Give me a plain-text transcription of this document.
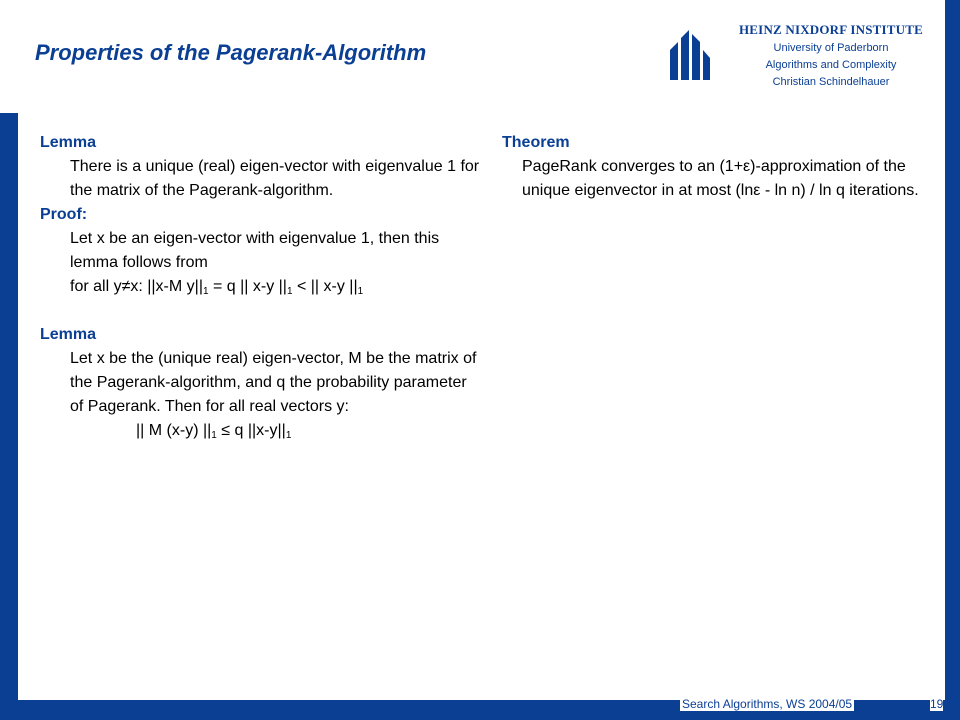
Properties of the Pagerank-Algorithm
HEINZ NIXDORF INSTITUTE
University of Paderborn
Algorithms and Complexity
Christian Schindelhauer
Lemma
There is a unique (real) eigen-vector with eigenvalue 1 for the matrix of the Pagerank-algorithm.
Proof:
Let x be an eigen-vector with eigenvalue 1, then this lemma follows from
for all y≠x: ||x-M $y||_1 = q$ || x-y $||_1$ < || x-y $||_1$
Lemma
Let x be the (unique real) eigen-vector, M be the matrix of the Pagerank-algorithm, and q the probability parameter of Pagerank. Then for all real vectors y:
|| M (x-y) $||_1 \le q$ $||x-y||_1$
Theorem
PageRank converges to an (1+ε)-approximation of the unique eigenvector in at most (lnε - ln n) / ln q iterations.
Search Algorithms, WS 2004/05	19
